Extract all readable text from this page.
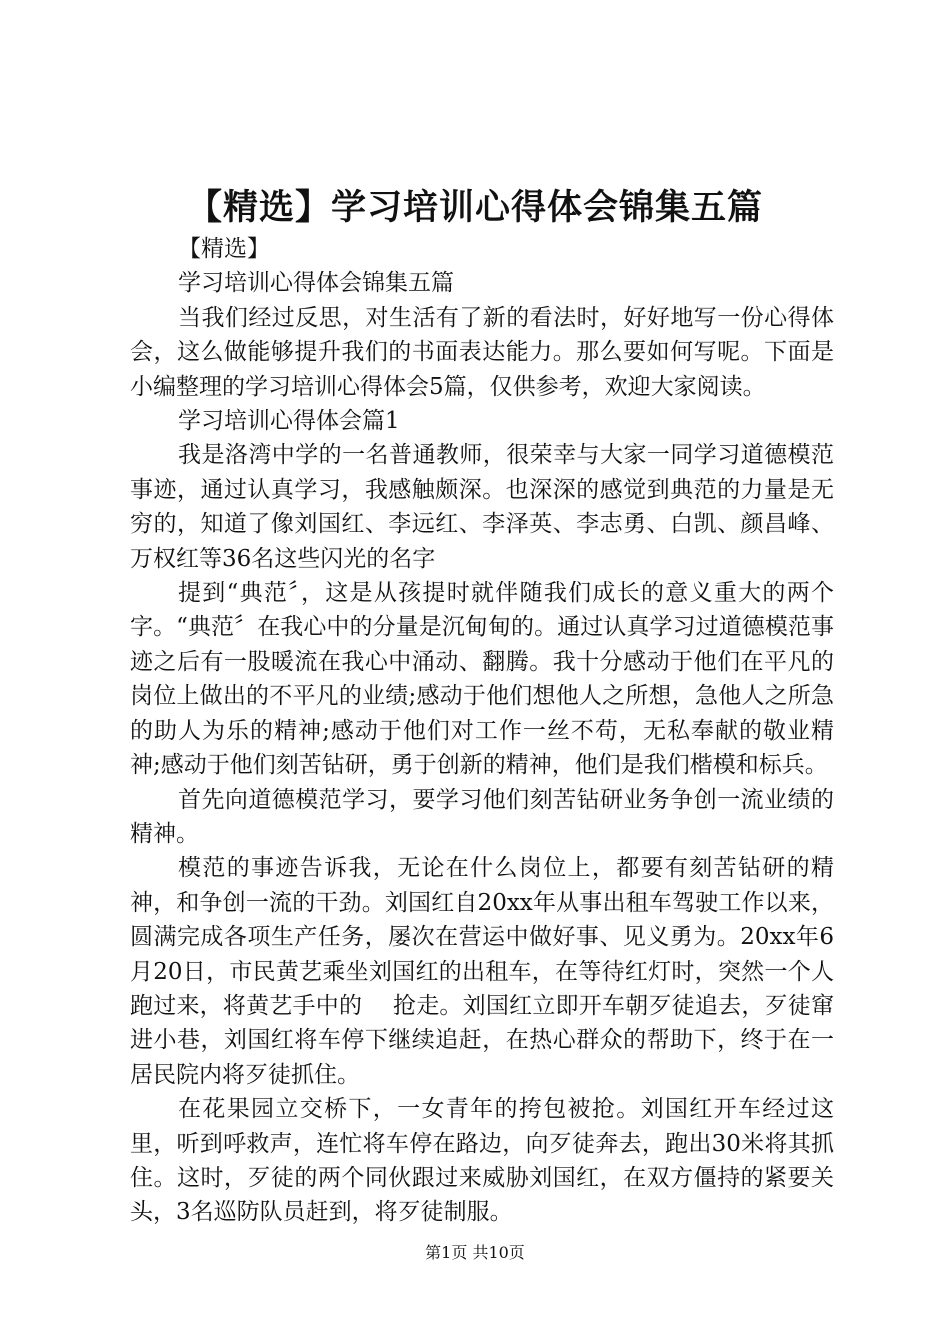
【精选】学习培训心得体会锦集五篇

【精选】

学习培训心得体会锦集五篇

当我们经过反思，对生活有了新的看法时，好好地写一份心得体会，这么做能够提升我们的书面表达能力。那么要如何写呢。下面是小编整理的学习培训心得体会5篇，仅供参考，欢迎大家阅读。

学习培训心得体会篇1

我是洛湾中学的一名普通教师，很荣幸与大家一同学习道德模范事迹，通过认真学习，我感触颇深。也深深的感觉到典范的力量是无穷的，知道了像刘国红、李远红、李泽英、李志勇、白凯、颜昌峰、万权红等36名这些闪光的名字

提到“典范〞，这是从孩提时就伴随我们成长的意义重大的两个字。“典范〞在我心中的分量是沉甸甸的。通过认真学习过道德模范事迹之后有一股暖流在我心中涌动、翻腾。我十分感动于他们在平凡的岗位上做出的不平凡的业绩;感动于他们想他人之所想，急他人之所急的助人为乐的精神;感动于他们对工作一丝不苟，无私奉献的敬业精神;感动于他们刻苦钻研，勇于创新的精神，他们是我们楷模和标兵。

首先向道德模范学习，要学习他们刻苦钻研业务争创一流业绩的精神。

模范的事迹告诉我，无论在什么岗位上，都要有刻苦钻研的精神，和争创一流的干劲。刘国红自20xx年从事出租车驾驶工作以来，圆满完成各项生产任务，屡次在营运中做好事、见义勇为。20xx年6月20日，市民黄艺乘坐刘国红的出租车，在等待红灯时，突然一个人跑过来，将黄艺手中的　 抢走。刘国红立即开车朝歹徒追去，歹徒窜进小巷，刘国红将车停下继续追赶，在热心群众的帮助下，终于在一居民院内将歹徒抓住。

在花果园立交桥下，一女青年的挎包被抢。刘国红开车经过这里，听到呼救声，连忙将车停在路边，向歹徒奔去，跑出30米将其抓住。这时，歹徒的两个同伙跟过来威胁刘国红，在双方僵持的紧要关头，3名巡防队员赶到，将歹徒制服。

第1页 共10页
